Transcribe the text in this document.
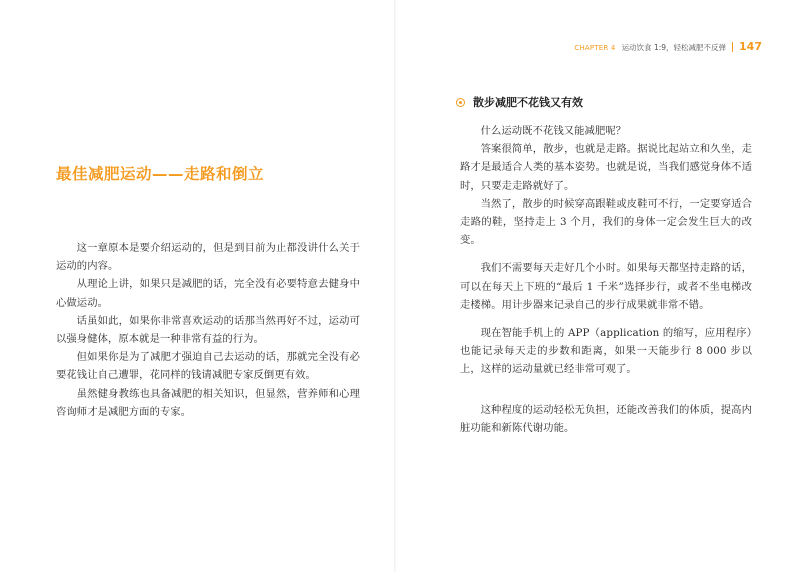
CHAPTER 4 运动饮食 1:9，轻松减肥不反弹 147
最佳减肥运动——走路和倒立

这一章原本是要介绍运动的，但是到目前为止都没讲什么关于运动的内容。

从理论上讲，如果只是减肥的话，完全没有必要特意去健身中心做运动。

话虽如此，如果你非常喜欢运动的话那当然再好不过，运动可以强身健体，原本就是一种非常有益的行为。

但如果你是为了减肥才强迫自己去运动的话，那就完全没有必要花钱让自己遭罪，花同样的钱请减肥专家反倒更有效。

虽然健身教练也具备减肥的相关知识，但显然，营养师和心理咨询师才是减肥方面的专家。

散步减肥不花钱又有效

什么运动既不花钱又能减肥呢？

答案很简单，散步，也就是走路。据说比起站立和久坐，走路才是最适合人类的基本姿势。也就是说，当我们感觉身体不适时，只要走走路就好了。

当然了，散步的时候穿高跟鞋或皮鞋可不行，一定要穿适合走路的鞋，坚持走上 3 个月，我们的身体一定会发生巨大的改变。

我们不需要每天走好几个小时。如果每天都坚持走路的话，可以在每天上下班的“最后 1 千米”选择步行，或者不坐电梯改走楼梯。用计步器来记录自己的步行成果就非常不错。

现在智能手机上的 APP（application 的缩写，应用程序）也能记录每天走的步数和距离，如果一天能步行 8 000 步以上，这样的运动量就已经非常可观了。

这种程度的运动轻松无负担，还能改善我们的体质，提高内脏功能和新陈代谢功能。
